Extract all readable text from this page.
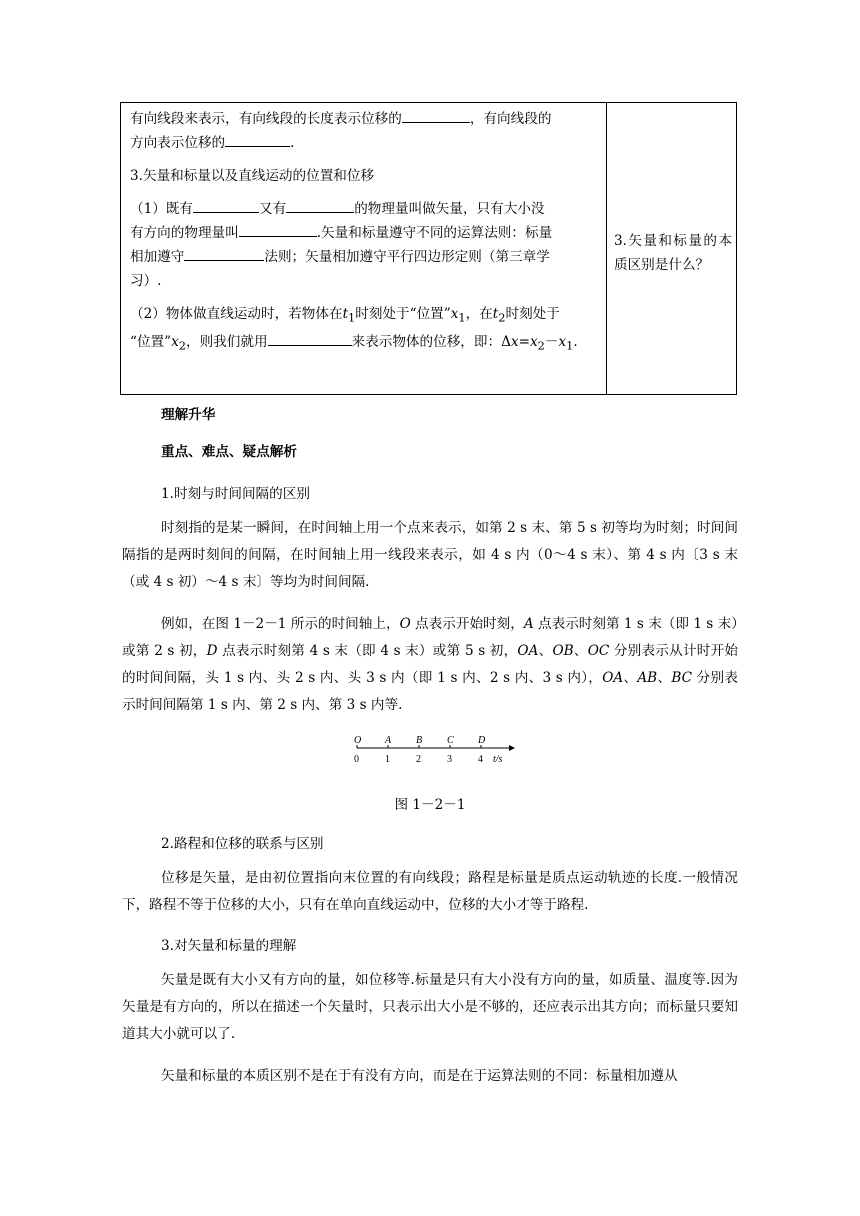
有向线段来表示，有向线段的长度表示位移的	，有向线段的

方向表示位移的	.

3.矢量和标量以及直线运动的位置和位移

（1）既有	又有	的物理量叫做矢量，只有大小没
有方向的物理量叫	.矢量和标量遵守不同的运算法则：标量
相加遵守	法则；矢量相加遵守平行四边形定则（第三章学
习）.

（2）物体做直线运动时，若物体在$t_1$时刻处于“位置$”x_1$，在$t_2$时刻处于
“位置$”x_2$，则我们就用	来表示物体的位移，即：$\Delta x=x_2-x_1$.

3.矢量和标量的本质区别是什么？
理解升华
重点、难点、疑点解析
1.时刻与时间间隔的区别

时刻指的是某一瞬间，在时间轴上用一个点来表示，如第 2 s 末、第 5 s 初等均为时刻；时间间隔指的是两时刻间的间隔，在时间轴上用一线段来表示，如 4 s 内（0～4 s 末）、第 4 s 内〔3 s 末（或 4 s 初）～4 s 末〕等均为时间间隔.

例如，在图 1－2－1 所示的时间轴上，O 点表示开始时刻，A 点表示时刻第 1 s 末（即 1 s 末）或第 2 s 初，D 点表示时刻第 4 s 末（即 4 s 末）或第 5 s 初，OA、OB、OC 分别表示从计时开始的时间间隔，头 1 s 内、头 2 s 内、头 3 s 内（即 1 s 内、2 s 内、3 s 内），OA、AB、BC 分别表示时间间隔第 1 s 内、第 2 s 内、第 3 s 内等.

O
0
A
1
B
2
C
3
D
4 t/s
图 1－2－1
2.路程和位移的联系与区别

位移是矢量，是由初位置指向末位置的有向线段；路程是标量是质点运动轨迹的长度.一般情况下，路程不等于位移的大小，只有在单向直线运动中，位移的大小才等于路程.

3.对矢量和标量的理解

矢量是既有大小又有方向的量，如位移等.标量是只有大小没有方向的量，如质量、温度等.因为矢量是有方向的，所以在描述一个矢量时，只表示出大小是不够的，还应表示出其方向；而标量只要知道其大小就可以了.

矢量和标量的本质区别不是在于有没有方向，而是在于运算法则的不同：标量相加遵从
